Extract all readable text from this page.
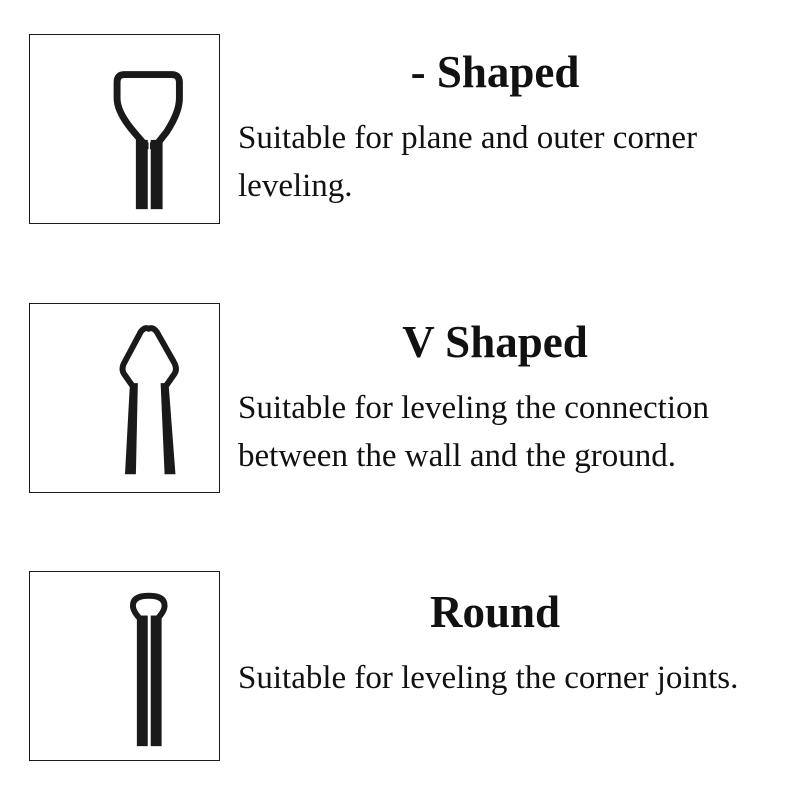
- Shaped
Suitable for plane and outer corner
leveling.
V Shaped
Suitable for leveling the connection
between the wall and the ground.
Round
Suitable for leveling the corner joints.
